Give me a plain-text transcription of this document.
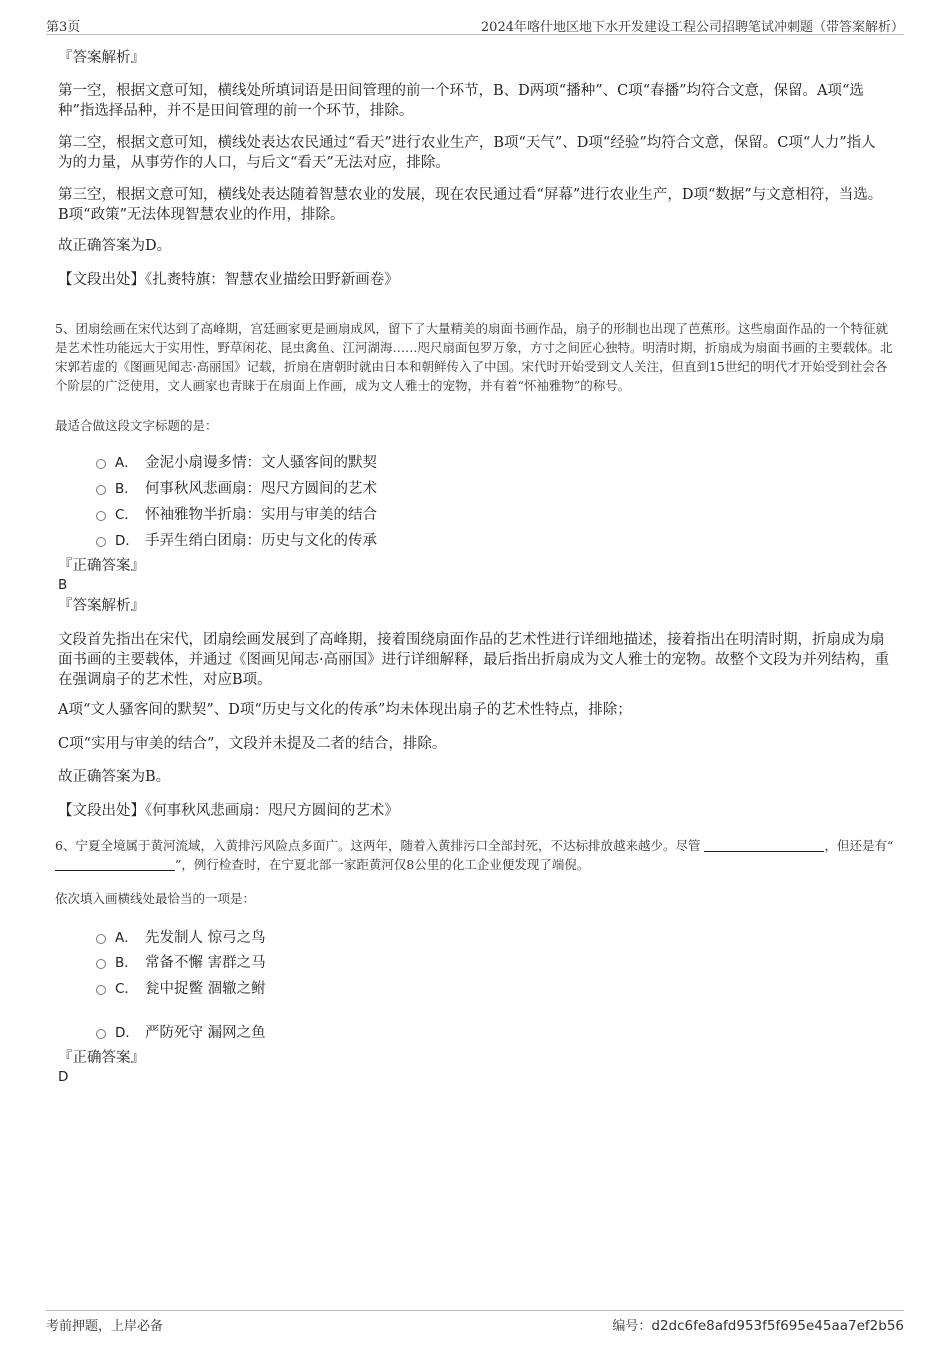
第3页	2024年喀什地区地下水开发建设工程公司招聘笔试冲刺题（带答案解析）

『答案解析』

第一空，根据文意可知，横线处所填词语是田间管理的前一个环节，B、D两项“播种”、C项“春播”均符合文意，保留。A项“选种”指选择品种，并不是田间管理的前一个环节，排除。

第二空，根据文意可知，横线处表达农民通过“看天”进行农业生产，B项“天气”、D项“经验”均符合文意，保留。C项“人力”指人为的力量，从事劳作的人口，与后文“看天”无法对应，排除。

第三空，根据文意可知，横线处表达随着智慧农业的发展，现在农民通过看“屏幕”进行农业生产，D项“数据”与文意相符，当选。B项“政策”无法体现智慧农业的作用，排除。

故正确答案为D。

【文段出处】《扎赉特旗：智慧农业描绘田野新画卷》

5、团扇绘画在宋代达到了高峰期，宫廷画家更是画扇成风，留下了大量精美的扇面书画作品，扇子的形制也出现了芭蕉形。这些扇面作品的一个特征就是艺术性功能远大于实用性，野草闲花、昆虫禽鱼、江河湖海……咫尺扇面包罗万象，方寸之间匠心独特。明清时期，折扇成为扇面书画的主要载体。北宋郭若虚的《图画见闻志·高丽国》记载，折扇在唐朝时就由日本和朝鲜传入了中国。宋代时开始受到文人关注，但直到15世纪的明代才开始受到社会各个阶层的广泛使用，文人画家也青睐于在扇面上作画，成为文人雅士的宠物，并有着“怀袖雅物”的称号。

最适合做这段文字标题的是：

A． 金泥小扇谩多情：文人骚客间的默契
B． 何事秋风悲画扇：咫尺方圆间的艺术
C． 怀袖雅物半折扇：实用与审美的结合
D． 手弄生绡白团扇：历史与文化的传承

『正确答案』

B

『答案解析』

文段首先指出在宋代，团扇绘画发展到了高峰期，接着围绕扇面作品的艺术性进行详细地描述，接着指出在明清时期，折扇成为扇面书画的主要载体，并通过《图画见闻志·高丽国》进行详细解释，最后指出折扇成为文人雅士的宠物。故整个文段为并列结构，重在强调扇子的艺术性，对应B项。

A项“文人骚客间的默契”、D项“历史与文化的传承”均未体现出扇子的艺术性特点，排除；

C项“实用与审美的结合”，文段并未提及二者的结合，排除。

故正确答案为B。

【文段出处】《何事秋风悲画扇：咫尺方圆间的艺术》

6、宁夏全境属于黄河流域，入黄排污风险点多面广。这两年，随着入黄排污口全部封死，不达标排放越来越少。尽管	，但还是有“ ”，例行检查时，在宁夏北部一家距黄河仅8公里的化工企业便发现了端倪。

依次填入画横线处最恰当的一项是：

A． 先发制人 惊弓之鸟
B． 常备不懈 害群之马
C． 瓮中捉鳖 涸辙之鲋
D． 严防死守 漏网之鱼

『正确答案』

D

考前押题，上岸必备	编号：d2dc6fe8afd953f5f695e45aa7ef2b56
